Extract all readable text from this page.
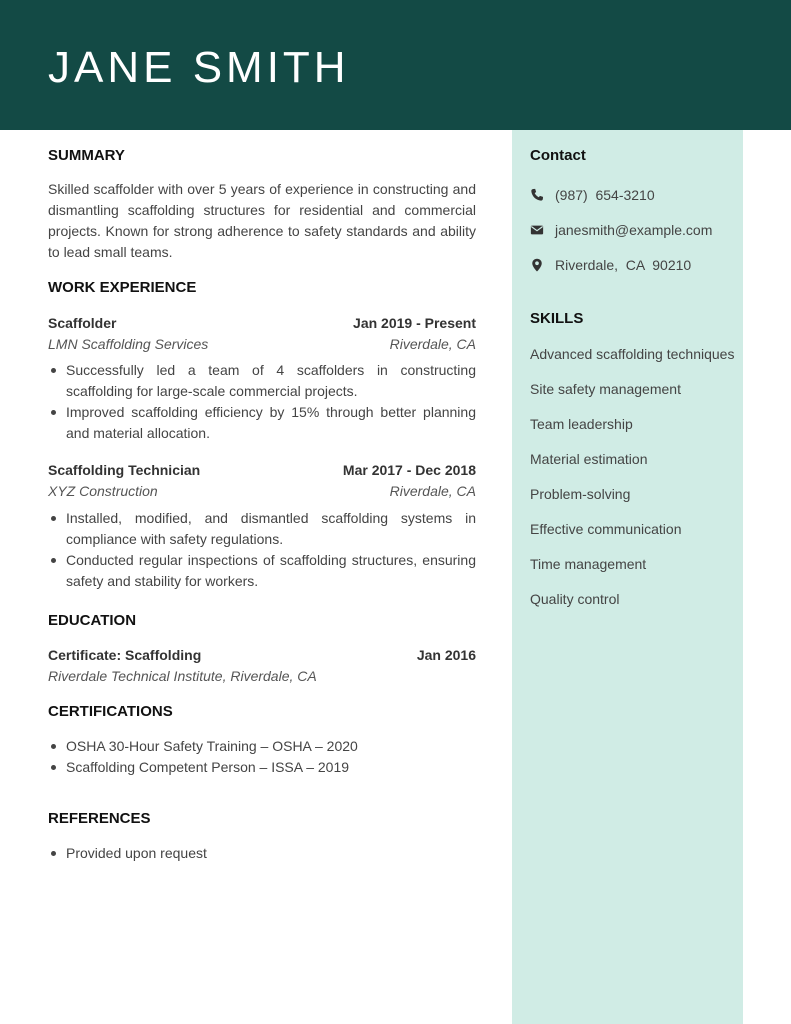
JANE SMITH
Contact
(987)  654-3210
janesmith@example.com
Riverdale,  CA  90210
SKILLS
Advanced scaffolding techniques
Site safety management
Team leadership
Material estimation
Problem-solving
Effective communication
Time management
Quality control
SUMMARY
Skilled scaffolder with over 5 years of experience in constructing and dismantling scaffolding structures for residential and commercial projects. Known for strong adherence to safety standards and ability to lead small teams.
WORK EXPERIENCE
Scaffolder	Jan 2019 - Present
LMN Scaffolding Services	Riverdale, CA
Successfully led a team of 4 scaffolders in constructing scaffolding for large-scale commercial projects.
Improved scaffolding efficiency by 15% through better planning and material allocation.
Scaffolding Technician	Mar 2017 - Dec 2018
XYZ Construction	Riverdale, CA
Installed, modified, and dismantled scaffolding systems in compliance with safety regulations.
Conducted regular inspections of scaffolding structures, ensuring safety and stability for workers.
EDUCATION
Certificate: Scaffolding	Jan 2016
Riverdale Technical Institute, Riverdale, CA
CERTIFICATIONS
OSHA 30-Hour Safety Training – OSHA – 2020
Scaffolding Competent Person – ISSA – 2019
REFERENCES
Provided upon request
